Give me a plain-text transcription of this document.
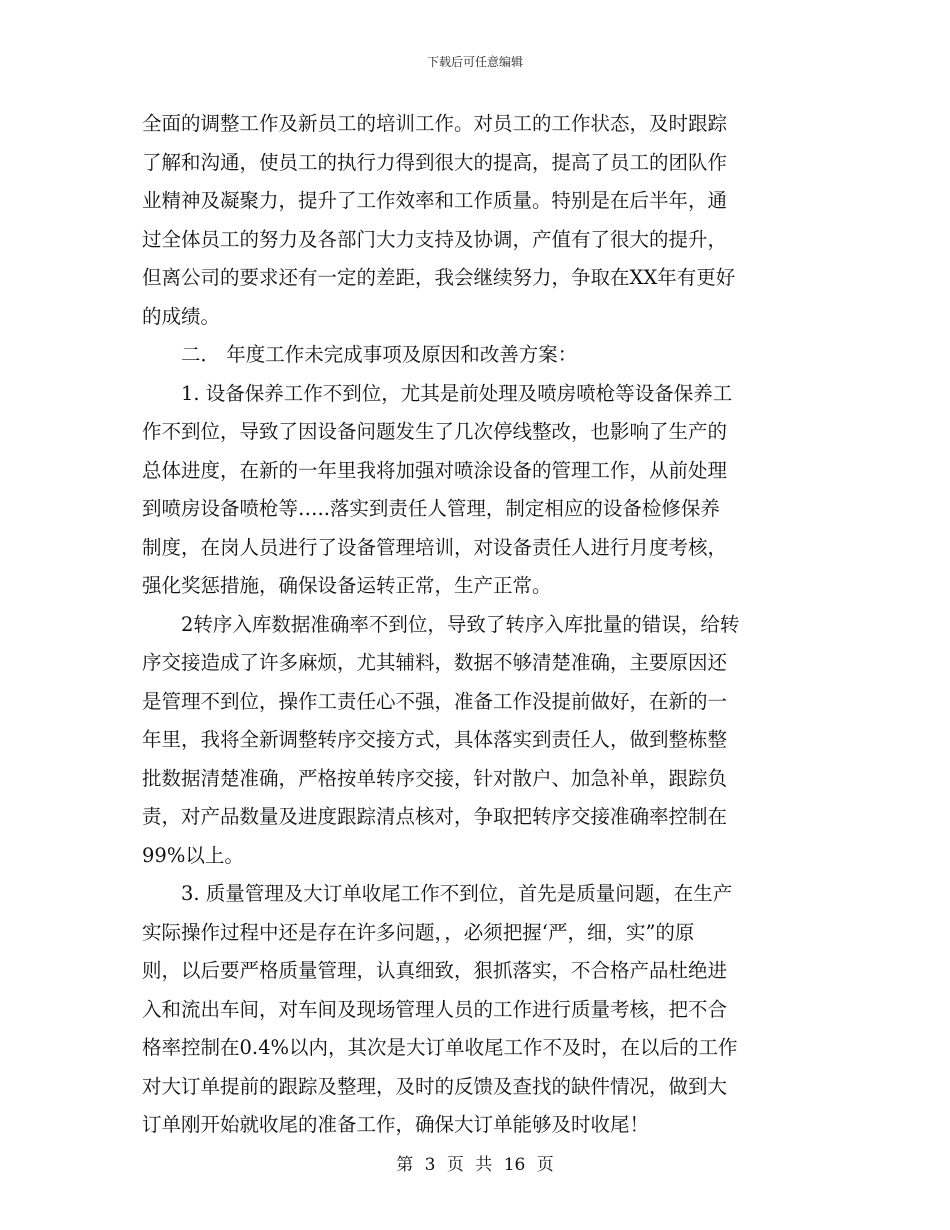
下载后可任意编辑
全面的调整工作及新员工的培训工作。对员工的工作状态，及时跟踪
了解和沟通，使员工的执行力得到很大的提高，提高了员工的团队作
业精神及凝聚力，提升了工作效率和工作质量。特别是在后半年，通
过全体员工的努力及各部门大力支持及协调，产值有了很大的提升，
但离公司的要求还有一定的差距，我会继续努力，争取在XX年有更好
的成绩。
　　二． 年度工作未完成事项及原因和改善方案：
　　1. 设备保养工作不到位，尤其是前处理及喷房喷枪等设备保养工
作不到位，导致了因设备问题发生了几次停线整改，也影响了生产的
总体进度，在新的一年里我将加强对喷涂设备的管理工作，从前处理
到喷房设备喷枪等…..落实到责任人管理，制定相应的设备检修保养
制度，在岗人员进行了设备管理培训，对设备责任人进行月度考核，
强化奖惩措施，确保设备运转正常，生产正常。
　　2转序入库数据准确率不到位，导致了转序入库批量的错误，给转
序交接造成了许多麻烦，尤其辅料，数据不够清楚准确，主要原因还
是管理不到位，操作工责任心不强，准备工作没提前做好，在新的一
年里，我将全新调整转序交接方式，具体落实到责任人，做到整栋整
批数据清楚准确，严格按单转序交接，针对散户、加急补单，跟踪负
责，对产品数量及进度跟踪清点核对，争取把转序交接准确率控制在
99%以上。
　　3. 质量管理及大订单收尾工作不到位，首先是质量问题，在生产
实际操作过程中还是存在许多问题，，必须把握‘严，细，实”的原
则，以后要严格质量管理，认真细致，狠抓落实，不合格产品杜绝进
入和流出车间，对车间及现场管理人员的工作进行质量考核，把不合
格率控制在0.4%以内，其次是大订单收尾工作不及时，在以后的工作
对大订单提前的跟踪及整理，及时的反馈及查找的缺件情况，做到大
订单刚开始就收尾的准备工作，确保大订单能够及时收尾！
第 3 页 共 16 页
